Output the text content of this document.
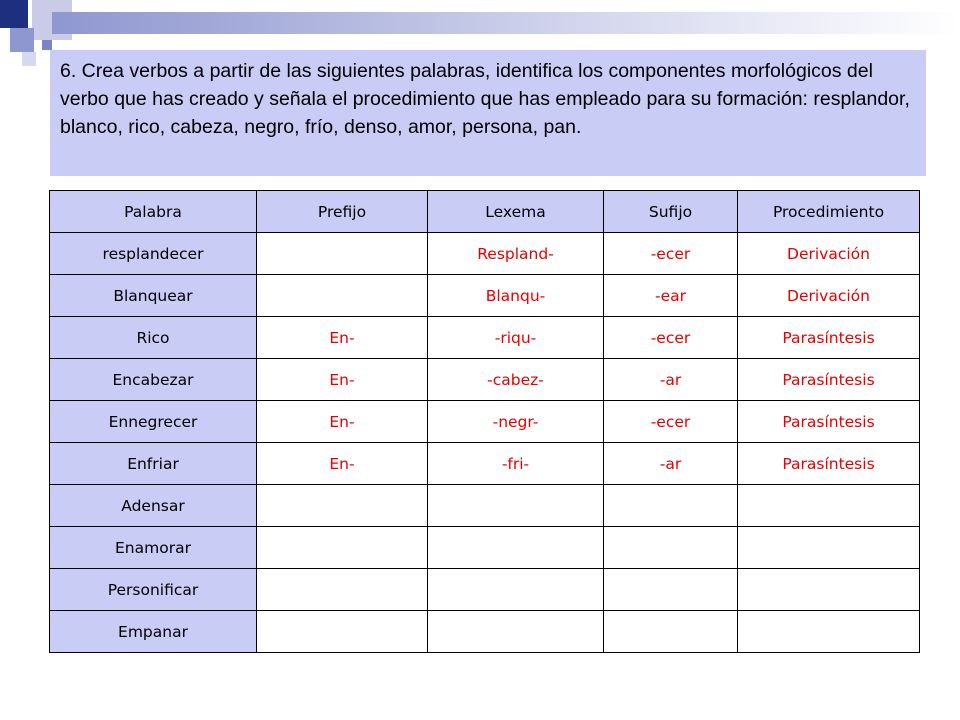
6. Crea verbos a partir de las siguientes palabras, identifica los componentes morfológicos del verbo que has creado y señala el procedimiento que has empleado para su formación: resplandor, blanco, rico, cabeza, negro, frío, denso, amor, persona, pan.
Palabra	Prefijo	Lexema	Sufijo	Procedimiento
resplandecer		Respland-	-ecer	Derivación
Blanquear		Blanqu-	-ear	Derivación
Rico	En-	-riqu-	-ecer	Parasíntesis
Encabezar	En-	-cabez-	-ar	Parasíntesis
Ennegrecer	En-	-negr-	-ecer	Parasíntesis
Enfriar	En-	-fri-	-ar	Parasíntesis
Adensar				
Enamorar				
Personificar				
Empanar				
